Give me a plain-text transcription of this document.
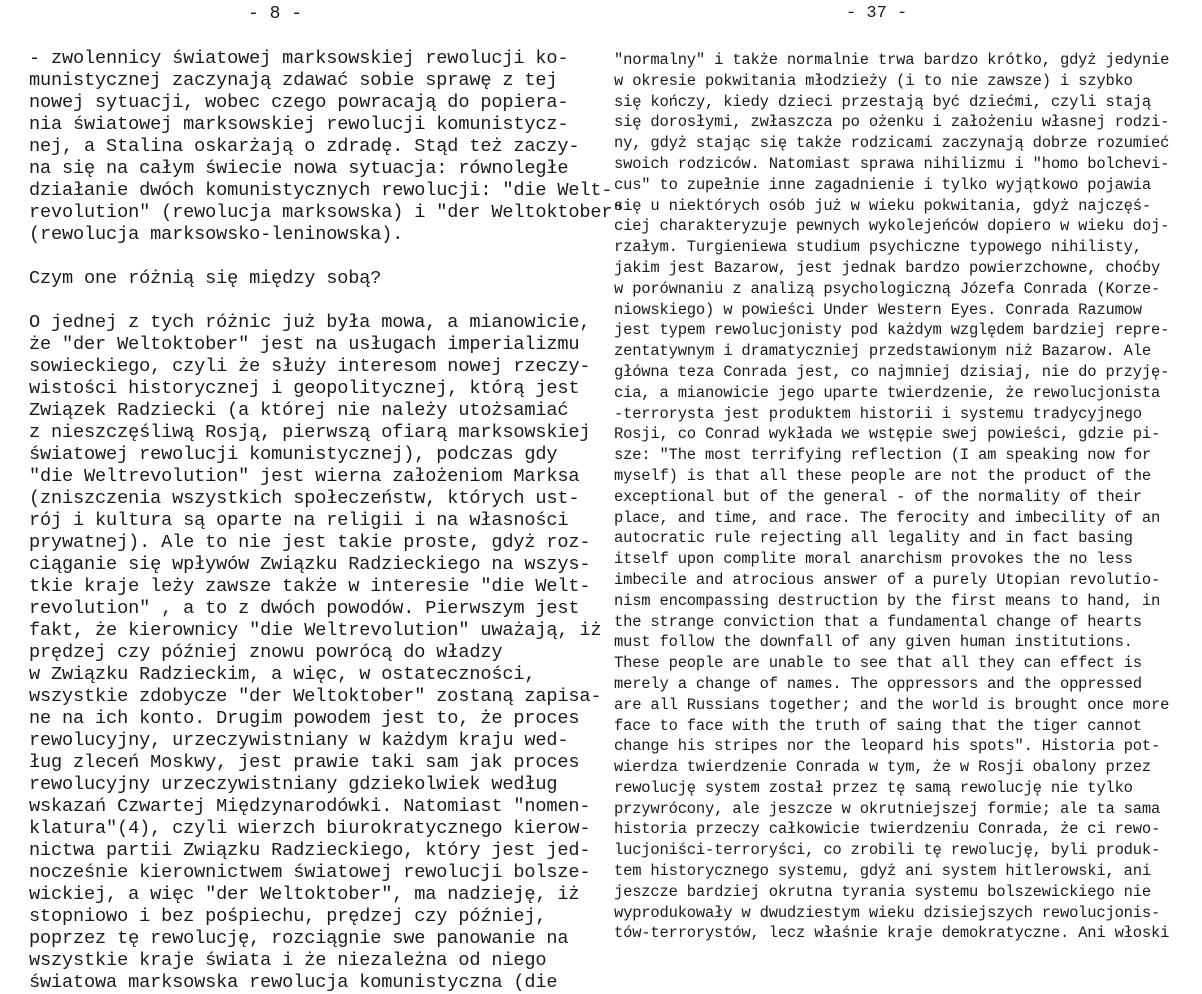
- 8 -

- zwolennicy światowej marksowskiej rewolucji ko-
munistycznej zaczynają zdawać sobie sprawę z tej
nowej sytuacji, wobec czego powracają do popiera-
nia światowej marksowskiej rewolucji komunistycz-
nej, a Stalina oskarżają o zdradę. Stąd też zaczy-
na się na całym świecie nowa sytuacja: równoległe
działanie dwóch komunistycznych rewolucji: "die Welt-
revolution" (rewolucja marksowska) i "der Weltoktober"
(rewolucja marksowsko-leninowska).
Czym one różnią się między sobą?
O jednej z tych różnic już była mowa, a mianowicie,
że "der Weltoktober" jest na usługach imperializmu
sowieckiego, czyli że służy interesom nowej rzeczy-
wistości historycznej i geopolitycznej, którą jest
Związek Radziecki (a której nie należy utożsamiać
z nieszczęśliwą Rosją, pierwszą ofiarą marksowskiej
światowej rewolucji komunistycznej), podczas gdy
"die Weltrevolution" jest wierna założeniom Marksa
(zniszczenia wszystkich społeczeństw, których ust-
rój i kultura są oparte na religii i na własności
prywatnej). Ale to nie jest takie proste, gdyż roz-
ciąganie się wpływów Związku Radzieckiego na wszys-
tkie kraje leży zawsze także w interesie "die Welt-
revolution" , a to z dwóch powodów. Pierwszym jest
fakt, że kierownicy "die Weltrevolution" uważają, iż
prędzej czy później znowu powrócą do władzy
w Związku Radzieckim, a więc, w ostateczności,
wszystkie zdobycze "der Weltoktober" zostaną zapisa-
ne na ich konto. Drugim powodem jest to, że proces
rewolucyjny, urzeczywistniany w każdym kraju wed-
ług zleceń Moskwy, jest prawie taki sam jak proces
rewolucyjny urzeczywistniany gdziekolwiek według
wskazań Czwartej Międzynarodówki. Natomiast "nomen-
klatura"(4), czyli wierzch biurokratycznego kierow-
nictwa partii Związku Radzieckiego, który jest jed-
nocześnie kierownictwem światowej rewolucji bolsze-
wickiej, a więc "der Weltoktober", ma nadzieję, iż
stopniowo i bez pośpiechu, prędzej czy później,
poprzez tę rewolucję, rozciągnie swe panowanie na
wszystkie kraje świata i że niezależna od niego
światowa marksowska rewolucja komunistyczna (die

- 37 -

"normalny" i także normalnie trwa bardzo krótko, gdyż jedynie
w okresie pokwitania młodzieży (i to nie zawsze) i szybko
się kończy, kiedy dzieci przestają być dziećmi, czyli stają
się dorosłymi, zwłaszcza po ożenku i założeniu własnej rodzi-
ny, gdyż stając się także rodzicami zaczynają dobrze rozumieć
swoich rodziców. Natomiast sprawa nihilizmu i "homo bolchevi-
cus" to zupełnie inne zagadnienie i tylko wyjątkowo pojawia
się u niektórych osób już w wieku pokwitania, gdyż najczęś-
ciej charakteryzuje pewnych wykolejeńców dopiero w wieku doj-
rzałym. Turgieniewa studium psychiczne typowego nihilisty,
jakim jest Bazarow, jest jednak bardzo powierzchowne, choćby
w porównaniu z analizą psychologiczną Józefa Conrada (Korze-
niowskiego) w powieści Under Western Eyes. Conrada Razumow
jest typem rewolucjonisty pod każdym względem bardziej repre-
zentatywnym i dramatyczniej przedstawionym niż Bazarow. Ale
główna teza Conrada jest, co najmniej dzisiaj, nie do przyję-
cia, a mianowicie jego uparte twierdzenie, że rewolucjonista
-terrorysta jest produktem historii i systemu tradycyjnego
Rosji, co Conrad wykłada we wstępie swej powieści, gdzie pi-
sze: "The most terrifying reflection (I am speaking now for
myself) is that all these people are not the product of the
exceptional but of the general - of the normality of their
place, and time, and race. The ferocity and imbecility of an
autocratic rule rejecting all legality and in fact basing
itself upon complite moral anarchism provokes the no less
imbecile and atrocious answer of a purely Utopian revolutio-
nism encompassing destruction by the first means to hand, in
the strange conviction that a fundamental change of hearts
must follow the downfall of any given human institutions.
These people are unable to see that all they can effect is
merely a change of names. The oppressors and the oppressed
are all Russians together; and the world is brought once more
face to face with the truth of saing that the tiger cannot
change his stripes nor the leopard his spots". Historia pot-
wierdza twierdzenie Conrada w tym, że w Rosji obalony przez
rewolucję system został przez tę samą rewolucję nie tylko
przywrócony, ale jeszcze w okrutniejszej formie; ale ta sama
historia przeczy całkowicie twierdzeniu Conrada, że ci rewo-
lucjoniści-terroryści, co zrobili tę rewolucję, byli produk-
tem historycznego systemu, gdyż ani system hitlerowski, ani
jeszcze bardziej okrutna tyrania systemu bolszewickiego nie
wyprodukowały w dwudziestym wieku dzisiejszych rewolucjonis-
tów-terrorystów, lecz właśnie kraje demokratyczne. Ani włoski
